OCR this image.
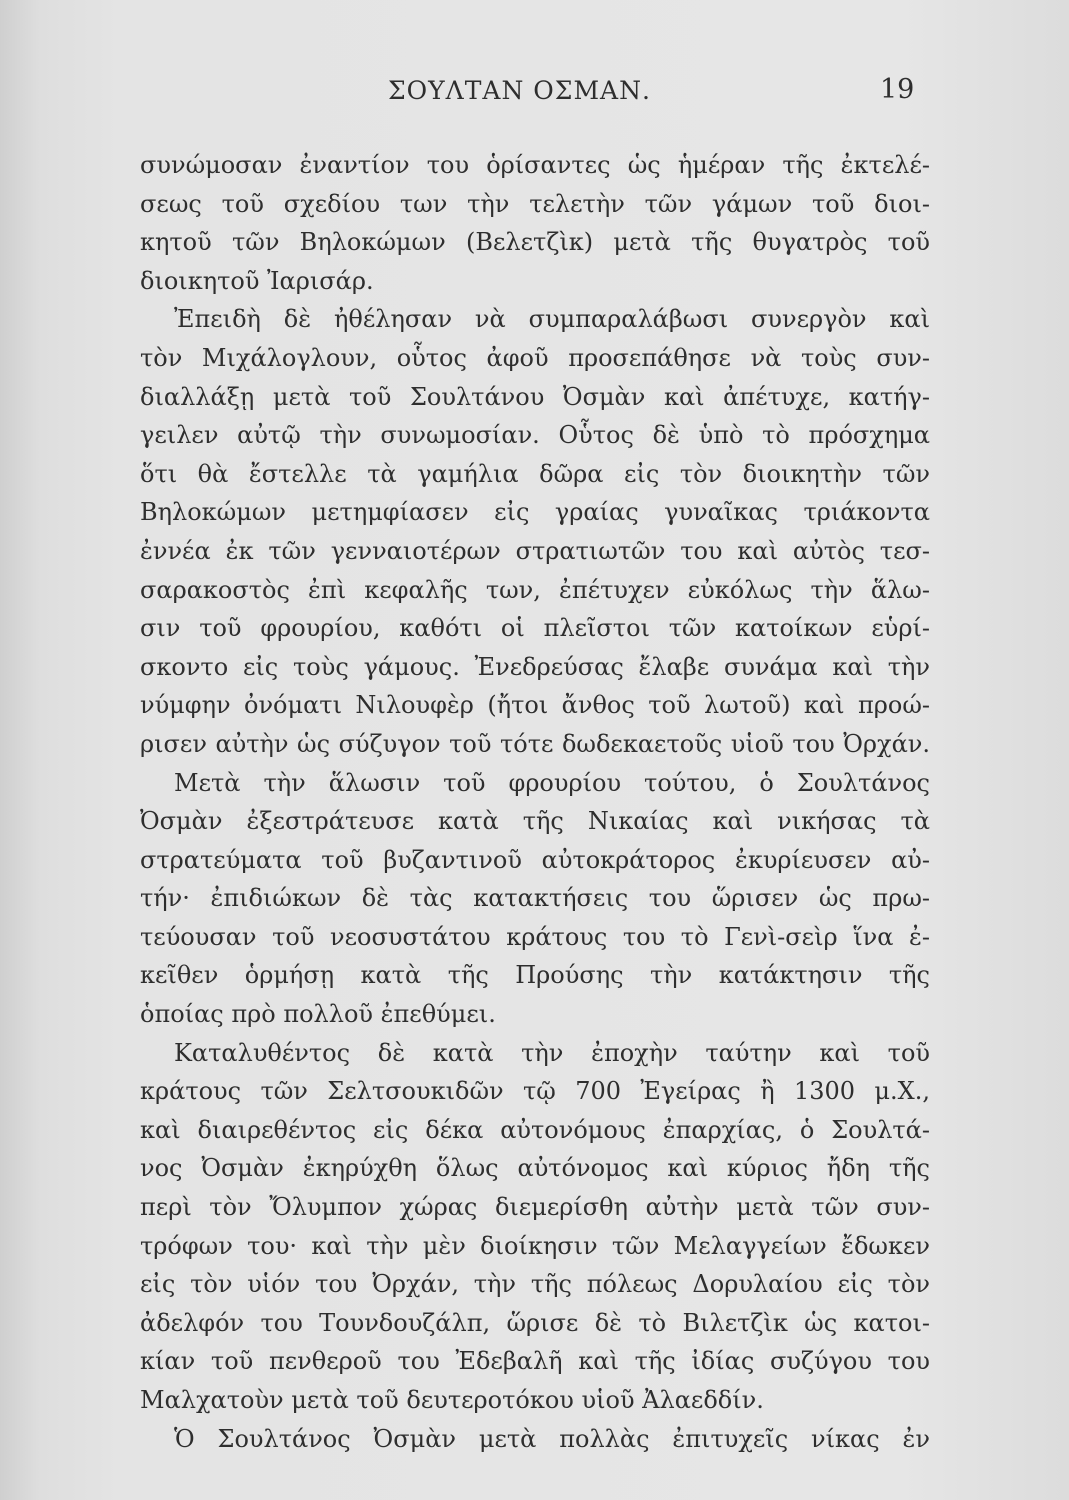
ΣΟΥΛΤΑΝ ΟΣΜΑΝ.	19
συνώμοσαν ἐναντίον του ὁρίσαντες ὡς ἡμέραν τῆς ἐκτελέ-
σεως τοῦ σχεδίου των τὴν τελετὴν τῶν γάμων τοῦ διοι-
κητοῦ τῶν Βηλοκώμων (Βελετζὶκ) μετὰ τῆς θυγατρὸς τοῦ
διοικητοῦ Ἰαρισάρ.
Ἐπειδὴ δὲ ἠθέλησαν νὰ συμπαραλάβωσι συνεργὸν καὶ
τὸν Μιχάλογλουν, οὗτος ἀφοῦ προσεπάθησε νὰ τοὺς συν-
διαλλάξῃ μετὰ τοῦ Σουλτάνου Ὀσμὰν καὶ ἀπέτυχε, κατήγ-
γειλεν αὐτῷ τὴν συνωμοσίαν. Οὗτος δὲ ὑπὸ τὸ πρόσχημα
ὅτι θὰ ἔστελλε τὰ γαμήλια δῶρα εἰς τὸν διοικητὴν τῶν
Βηλοκώμων μετημφίασεν εἰς γραίας γυναῖκας τριάκοντα
ἐννέα ἐκ τῶν γενναιοτέρων στρατιωτῶν του καὶ αὐτὸς τεσ-
σαρακοστὸς ἐπὶ κεφαλῆς των, ἐπέτυχεν εὐκόλως τὴν ἅλω-
σιν τοῦ φρουρίου, καθότι οἱ πλεῖστοι τῶν κατοίκων εὑρί-
σκοντο εἰς τοὺς γάμους. Ἐνεδρεύσας ἔλαβε συνάμα καὶ τὴν
νύμφην ὀνόματι Νιλουφὲρ (ἤτοι ἄνθος τοῦ λωτοῦ) καὶ προώ-
ρισεν αὐτὴν ὡς σύζυγον τοῦ τότε δωδεκαετοῦς υἱοῦ του Ὀρχάν.
Μετὰ τὴν ἅλωσιν τοῦ φρουρίου τούτου, ὁ Σουλτάνος
Ὀσμὰν ἐξεστράτευσε κατὰ τῆς Νικαίας καὶ νικήσας τὰ
στρατεύματα τοῦ βυζαντινοῦ αὐτοκράτορος ἐκυρίευσεν αὐ-
τήν· ἐπιδιώκων δὲ τὰς κατακτήσεις του ὥρισεν ὡς πρω-
τεύουσαν τοῦ νεοσυστάτου κράτους του τὸ Γενὶ-σεὶρ ἵνα ἐ-
κεῖθεν ὁρμήσῃ κατὰ τῆς Προύσης τὴν κατάκτησιν τῆς
ὁποίας πρὸ πολλοῦ ἐπεθύμει.
Καταλυθέντος δὲ κατὰ τὴν ἐποχὴν ταύτην καὶ τοῦ
κράτους τῶν Σελτσουκιδῶν τῷ 700 Ἐγείρας ἢ 1300 μ.Χ.,
καὶ διαιρεθέντος εἰς δέκα αὐτονόμους ἐπαρχίας, ὁ Σουλτά-
νος Ὀσμὰν ἐκηρύχθη ὅλως αὐτόνομος καὶ κύριος ἤδη τῆς
περὶ τὸν Ὄλυμπον χώρας διεμερίσθη αὐτὴν μετὰ τῶν συν-
τρόφων του· καὶ τὴν μὲν διοίκησιν τῶν Μελαγγείων ἔδωκεν
εἰς τὸν υἱόν του Ὀρχάν, τὴν τῆς πόλεως Δορυλαίου εἰς τὸν
ἀδελφόν του Τουνδουζάλπ, ὥρισε δὲ τὸ Βιλετζὶκ ὡς κατοι-
κίαν τοῦ πενθεροῦ του Ἐδεβαλῆ καὶ τῆς ἰδίας συζύγου του
Μαλχατοὺν μετὰ τοῦ δευτεροτόκου υἱοῦ Ἀλαεδδίν.
Ὁ Σουλτάνος Ὀσμὰν μετὰ πολλὰς ἐπιτυχεῖς νίκας ἐν
